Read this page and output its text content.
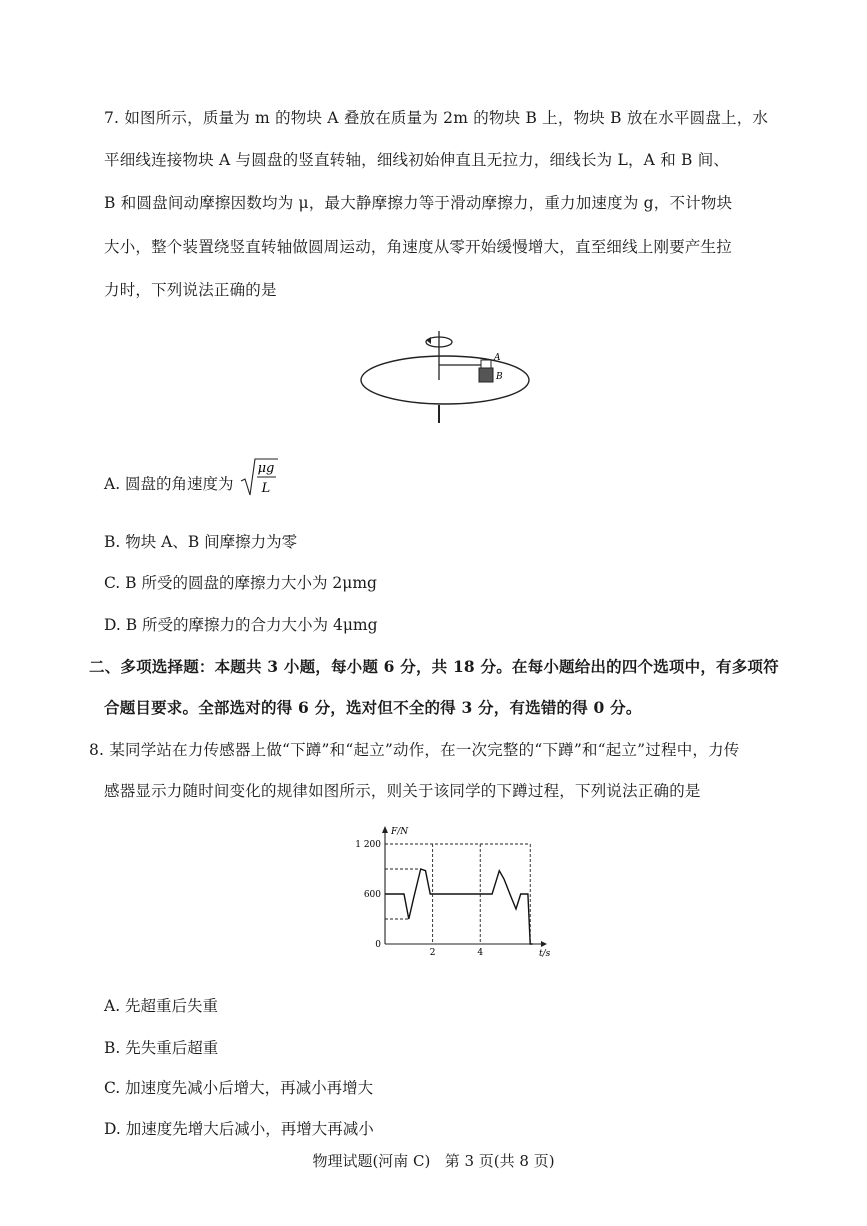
7. 如图所示，质量为 m 的物块 A 叠放在质量为 2m 的物块 B 上，物块 B 放在水平圆盘上，水
平细线连接物块 A 与圆盘的竖直转轴，细线初始伸直且无拉力，细线长为 L，A 和 B 间、
B 和圆盘间动摩擦因数均为 μ，最大静摩擦力等于滑动摩擦力，重力加速度为 g，不计物块
大小，整个装置绕竖直转轴做圆周运动，角速度从零开始缓慢增大，直至细线上刚要产生拉
力时，下列说法正确的是
A
B
A. 圆盘的角速度为
μg
L
B. 物块 A、B 间摩擦力为零
C. B 所受的圆盘的摩擦力大小为 2μmg
D. B 所受的摩擦力的合力大小为 4μmg
二、多项选择题：本题共 3 小题，每小题 6 分，共 18 分。在每小题给出的四个选项中，有多项符
合题目要求。全部选对的得 6 分，选对但不全的得 3 分，有选错的得 0 分。
8. 某同学站在力传感器上做“下蹲”和“起立”动作，在一次完整的“下蹲”和“起立”过程中，力传
感器显示力随时间变化的规律如图所示，则关于该同学的下蹲过程，下列说法正确的是
F/N
t/s
0
600
1 200
2	4
A. 先超重后失重
B. 先失重后超重
C. 加速度先减小后增大，再减小再增大
D. 加速度先增大后减小，再增大再减小
物理试题(河南 C)   第 3 页(共 8 页)
